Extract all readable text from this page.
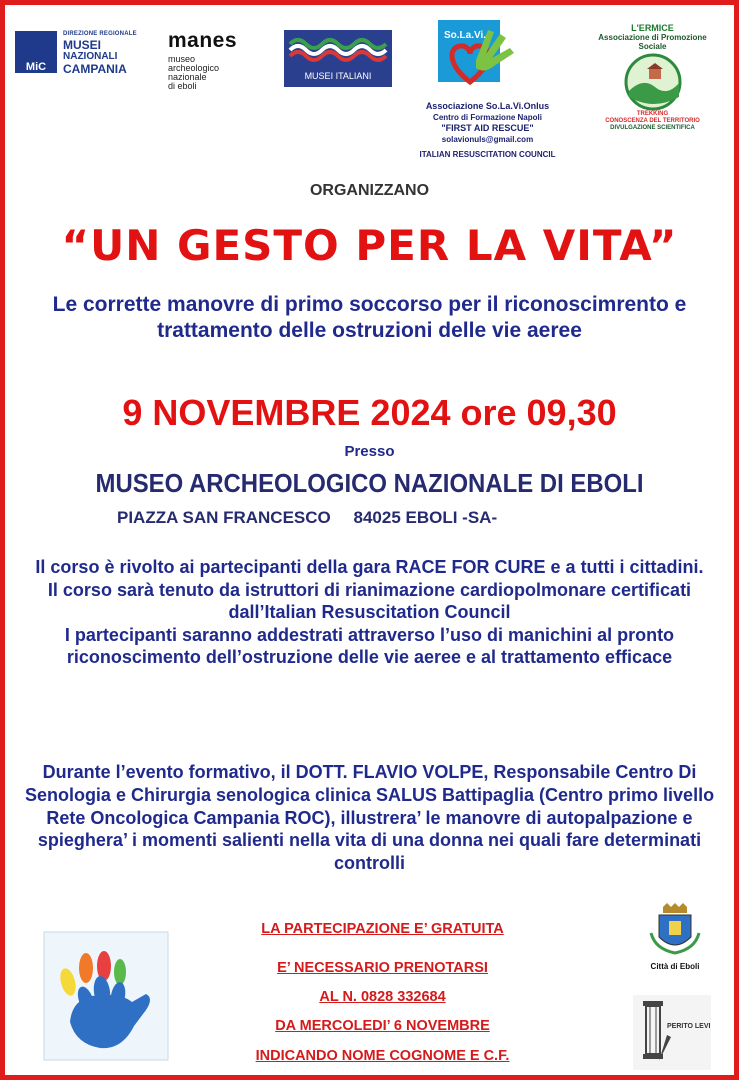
MiC
DIREZIONE REGIONALE
MUSEI
NAZIONALI
CAMPANIA
manes
museo
archeologico
nazionale
di eboli
MUSEI ITALIANI
So.La.Vi.
Associazione So.La.Vi.Onlus
Centro di Formazione Napoli
"FIRST AID RESCUE"
solavionuls@gmail.com
ITALIAN RESUSCITATION COUNCIL
L'ERMICE
Associazione di Promozione Sociale
TREKKING
CONOSCENZA DEL TERRITORIO
DIVULGAZIONE SCIENTIFICA
ORGANIZZANO
“UN GESTO PER LA VITA”
Le corrette manovre di primo soccorso per il riconoscimrento e trattamento delle ostruzioni delle vie aeree
9 NOVEMBRE 2024 ore 09,30
Presso
MUSEO ARCHEOLOGICO NAZIONALE DI EBOLI
PIAZZA SAN FRANCESCO 84025 EBOLI -SA-

Il corso è rivolto ai partecipanti della gara RACE FOR CURE e a tutti i cittadini.

Il corso sarà tenuto da istruttori di rianimazione cardiopolmonare certificati dall’Italian Resuscitation Council

I partecipanti saranno addestrati attraverso l’uso di manichini al pronto riconoscimento dell’ostruzione delle vie aeree e al trattamento efficace

Durante l’evento formativo, il DOTT. FLAVIO VOLPE, Responsabile Centro Di Senologia e Chirurgia senologica clinica SALUS Battipaglia (Centro primo livello Rete Oncologica Campania ROC), illustrera’ le manovre di autopalpazione e spieghera’ i momenti salienti nella vita di una donna nei quali fare determinati controlli

LA PARTECIPAZIONE E’ GRATUITA
E’ NECESSARIO PRENOTARSI
AL N. 0828 332684
DA MERCOLEDI’ 6 NOVEMBRE
INDICANDO NOME COGNOME E C.F.
Città di Eboli
PERITO LEVI
